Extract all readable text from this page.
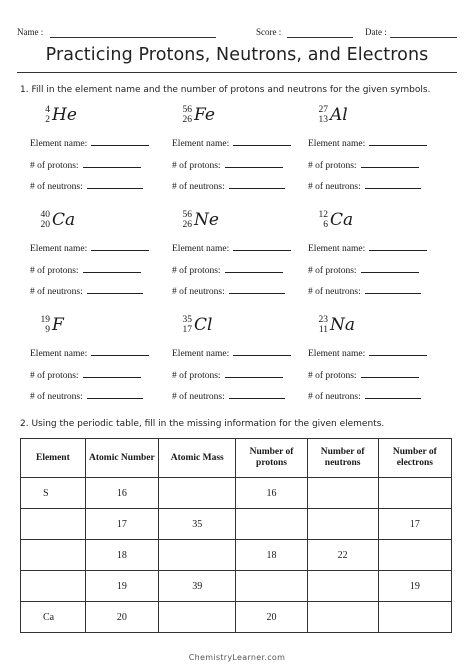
Name :	Score :	Date :
Practicing Protons, Neutrons, and Electrons
1. Fill in the element name and the number of protons and neutrons for the given symbols.
4
2 He
Element name:
# of protons:
# of neutrons:
56
26 Fe
Element name:
# of protons:
# of neutrons:
27
13 Al
Element name:
# of protons:
# of neutrons:
40
20 Ca
Element name:
# of protons:
# of neutrons:
56
26 Ne
Element name:
# of protons:
# of neutrons:
12
6 Ca
Element name:
# of protons:
# of neutrons:
19
9 F
Element name:
# of protons:
# of neutrons:
35
17 Cl
Element name:
# of protons:
# of neutrons:
23
11 Na
Element name:
# of protons:
# of neutrons:
2. Using the periodic table, fill in the missing information for the given elements.
Element	Atomic Number	Atomic Mass	Number of protons	Number of neutrons	Number of electrons
S	16		16		
	17	35			17
	18		18	22	
	19	39			19
Ca	20		20		
ChemistryLearner.com
